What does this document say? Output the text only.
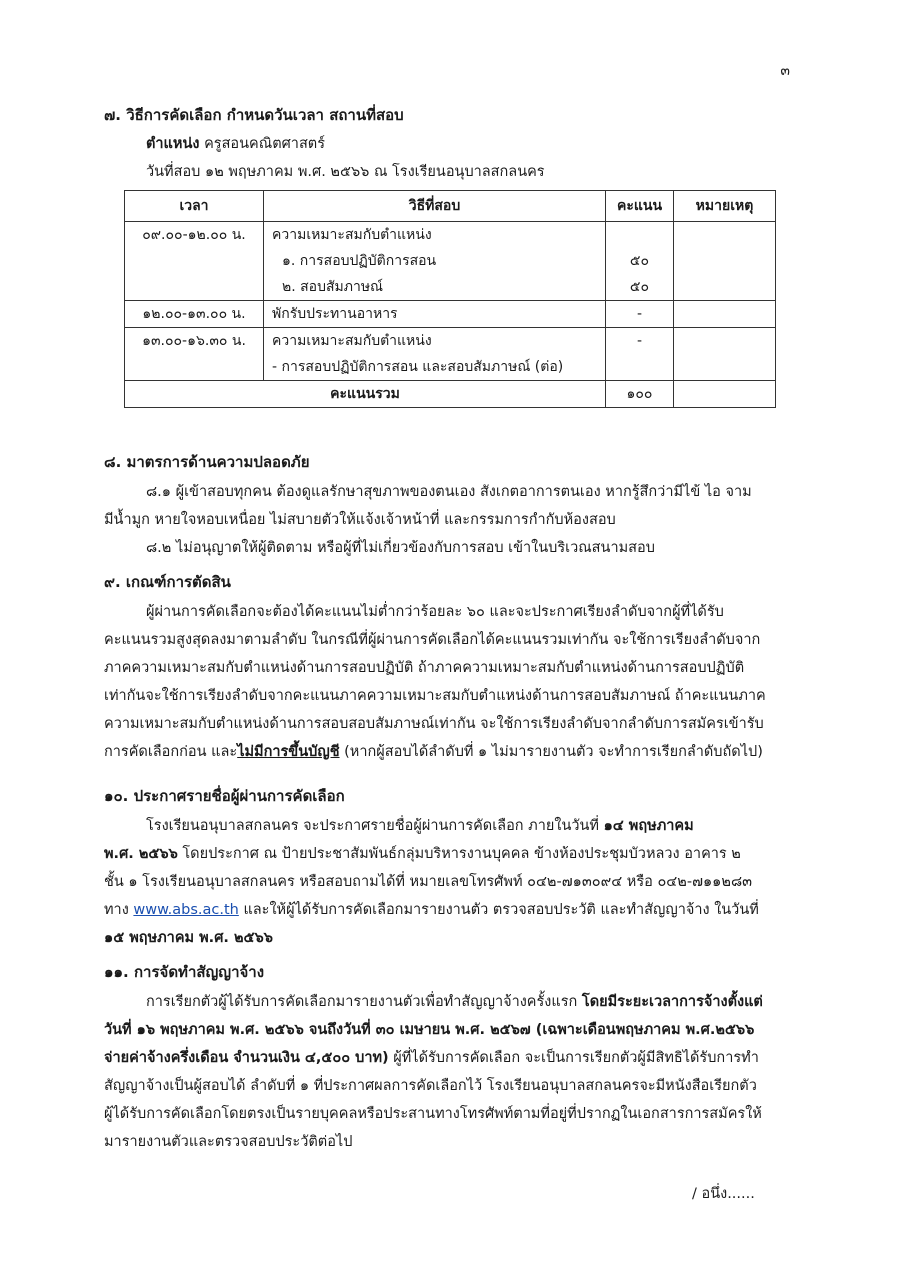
๓
๗. วิธีการคัดเลือก กำหนดวันเวลา สถานที่สอบ
ตำแหน่ง ครูสอนคณิตศาสตร์
วันที่สอบ ๑๒ พฤษภาคม พ.ศ. ๒๕๖๖ ณ โรงเรียนอนุบาลสกลนคร
เวลา	วิธีที่สอบ	คะแนน	หมายเหตุ
๐๙.๐๐-๑๒.๐๐ น.	ความเหมาะสมกับตำแหน่ง		
	๑. การสอบปฏิบัติการสอน	๕๐	
	๒. สอบสัมภาษณ์	๕๐	
๑๒.๐๐-๑๓.๐๐ น.	พักรับประทานอาหาร	-	
๑๓.๐๐-๑๖.๓๐ น.	ความเหมาะสมกับตำแหน่ง	-	
	- การสอบปฏิบัติการสอน และสอบสัมภาษณ์ (ต่อ)		
คะแนนรวม		๑๐๐	
๘. มาตรการด้านความปลอดภัย
๘.๑ ผู้เข้าสอบทุกคน ต้องดูแลรักษาสุขภาพของตนเอง สังเกตอาการตนเอง หากรู้สึกว่ามีไข้ ไอ จาม
มีน้ำมูก หายใจหอบเหนื่อย ไม่สบายตัวให้แจ้งเจ้าหน้าที่ และกรรมการกำกับห้องสอบ
๘.๒ ไม่อนุญาตให้ผู้ติดตาม หรือผู้ที่ไม่เกี่ยวข้องกับการสอบ เข้าในบริเวณสนามสอบ
๙. เกณฑ์การตัดสิน
ผู้ผ่านการคัดเลือกจะต้องได้คะแนนไม่ต่ำกว่าร้อยละ ๖๐ และจะประกาศเรียงลำดับจากผู้ที่ได้รับ
คะแนนรวมสูงสุดลงมาตามลำดับ ในกรณีที่ผู้ผ่านการคัดเลือกได้คะแนนรวมเท่ากัน จะใช้การเรียงลำดับจาก
ภาคความเหมาะสมกับตำแหน่งด้านการสอบปฏิบัติ ถ้าภาคความเหมาะสมกับตำแหน่งด้านการสอบปฏิบัติ
เท่ากันจะใช้การเรียงลำดับจากคะแนนภาคความเหมาะสมกับตำแหน่งด้านการสอบสัมภาษณ์ ถ้าคะแนนภาค
ความเหมาะสมกับตำแหน่งด้านการสอบสอบสัมภาษณ์เท่ากัน จะใช้การเรียงลำดับจากลำดับการสมัครเข้ารับ
การคัดเลือกก่อน และไม่มีการขึ้นบัญชี (หากผู้สอบได้ลำดับที่ ๑ ไม่มารายงานตัว จะทำการเรียกลำดับถัดไป)
๑๐. ประกาศรายชื่อผู้ผ่านการคัดเลือก
โรงเรียนอนุบาลสกลนคร จะประกาศรายชื่อผู้ผ่านการคัดเลือก ภายในวันที่ ๑๔ พฤษภาคม
พ.ศ. ๒๕๖๖ โดยประกาศ ณ ป้ายประชาสัมพันธ์กลุ่มบริหารงานบุคคล ข้างห้องประชุมบัวหลวง อาคาร ๒
ชั้น ๑ โรงเรียนอนุบาลสกลนคร หรือสอบถามได้ที่ หมายเลขโทรศัพท์ ๐๔๒-๗๑๓๐๙๔ หรือ ๐๔๒-๗๑๑๒๘๓
ทาง www.abs.ac.th และให้ผู้ได้รับการคัดเลือกมารายงานตัว ตรวจสอบประวัติ และทำสัญญาจ้าง ในวันที่
๑๕ พฤษภาคม พ.ศ. ๒๕๖๖
๑๑. การจัดทำสัญญาจ้าง
การเรียกตัวผู้ได้รับการคัดเลือกมารายงานตัวเพื่อทำสัญญาจ้างครั้งแรก โดยมีระยะเวลาการจ้างตั้งแต่
วันที่ ๑๖ พฤษภาคม พ.ศ. ๒๕๖๖ จนถึงวันที่ ๓๐ เมษายน พ.ศ. ๒๕๖๗ (เฉพาะเดือนพฤษภาคม พ.ศ.๒๕๖๖
จ่ายค่าจ้างครึ่งเดือน จำนวนเงิน ๔,๕๐๐ บาท) ผู้ที่ได้รับการคัดเลือก จะเป็นการเรียกตัวผู้มีสิทธิได้รับการทำ
สัญญาจ้างเป็นผู้สอบได้ ลำดับที่ ๑ ที่ประกาศผลการคัดเลือกไว้ โรงเรียนอนุบาลสกลนครจะมีหนังสือเรียกตัว
ผู้ได้รับการคัดเลือกโดยตรงเป็นรายบุคคลหรือประสานทางโทรศัพท์ตามที่อยู่ที่ปรากฏในเอกสารการสมัครให้
มารายงานตัวและตรวจสอบประวัติต่อไป
/ อนึ่ง......
